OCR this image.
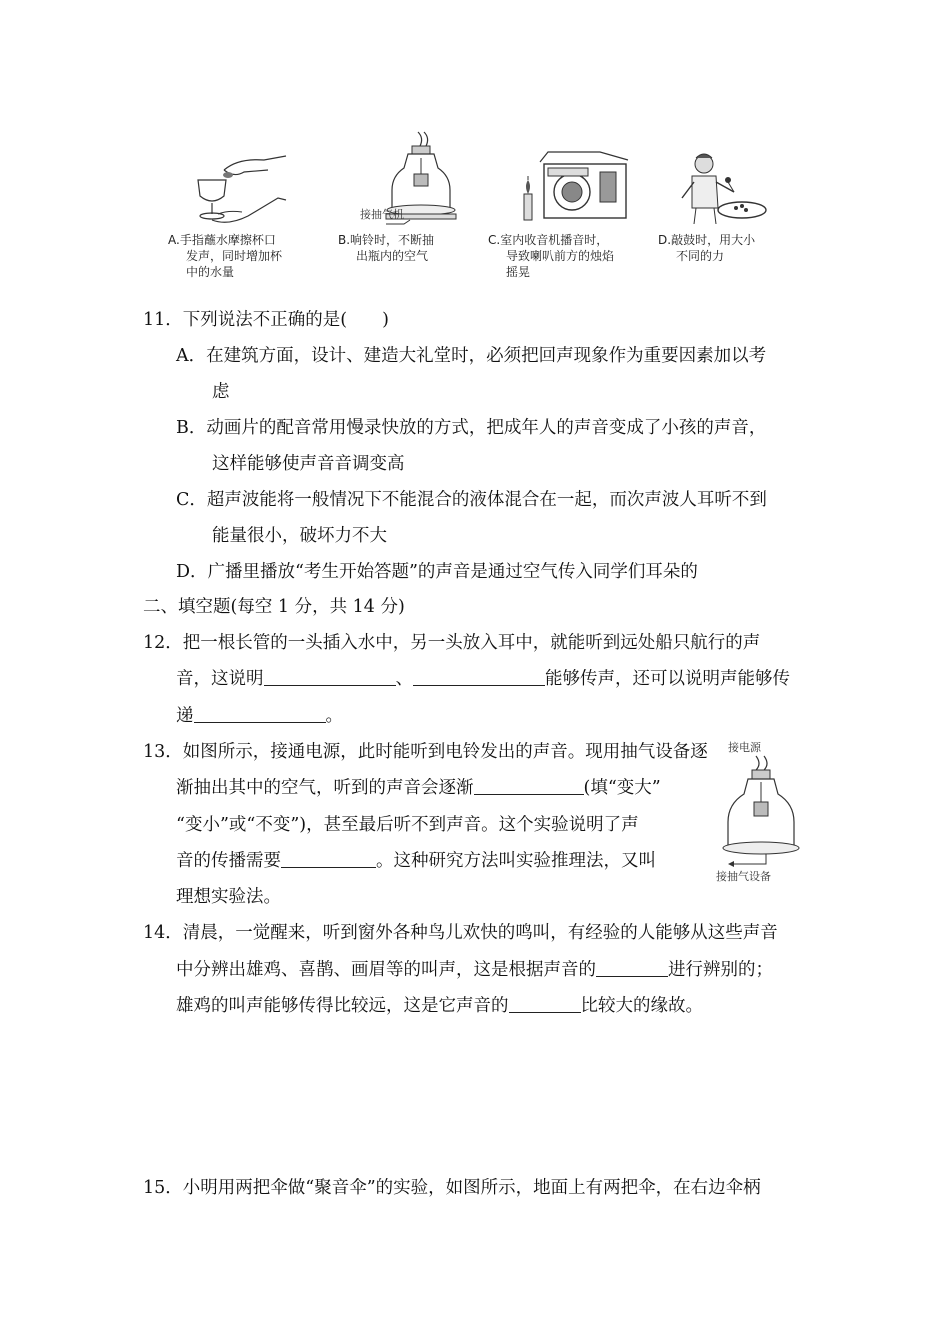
A.手指蘸水摩擦杯口
发声，同时增加杯
中的水量
接抽气机
B.响铃时，不断抽
出瓶内的空气
C.室内收音机播音时，
导致喇叭前方的烛焰
摇晃
D.敲鼓时，用大小
不同的力
11．下列说法不正确的是(　　)
A．在建筑方面，设计、建造大礼堂时，必须把回声现象作为重要因素加以考
虑
B．动画片的配音常用慢录快放的方式，把成年人的声音变成了小孩的声音，
这样能够使声音音调变高
C．超声波能将一般情况下不能混合的液体混合在一起，而次声波人耳听不到
能量很小，破坏力不大
D．广播里播放“考生开始答题”的声音是通过空气传入同学们耳朵的
二、填空题(每空 1 分，共 14 分)
12．把一根长管的一头插入水中，另一头放入耳中，就能听到远处船只航行的声
音，这说明	、	能够传声，还可以说明声能够传
递	。
13．如图所示，接通电源，此时能听到电铃发出的声音。现用抽气设备逐
渐抽出其中的空气，听到的声音会逐渐	(填“变大”
“变小”或“不变”)，甚至最后听不到声音。这个实验说明了声
音的传播需要	。这种研究方法叫实验推理法，又叫
理想实验法。
接电源
接抽气设备
14．清晨，一觉醒来，听到窗外各种鸟儿欢快的鸣叫，有经验的人能够从这些声音
中分辨出雄鸡、喜鹊、画眉等的叫声，这是根据声音的	进行辨别的；
雄鸡的叫声能够传得比较远，这是它声音的	比较大的缘故。
15．小明用两把伞做“聚音伞”的实验，如图所示，地面上有两把伞，在右边伞柄
